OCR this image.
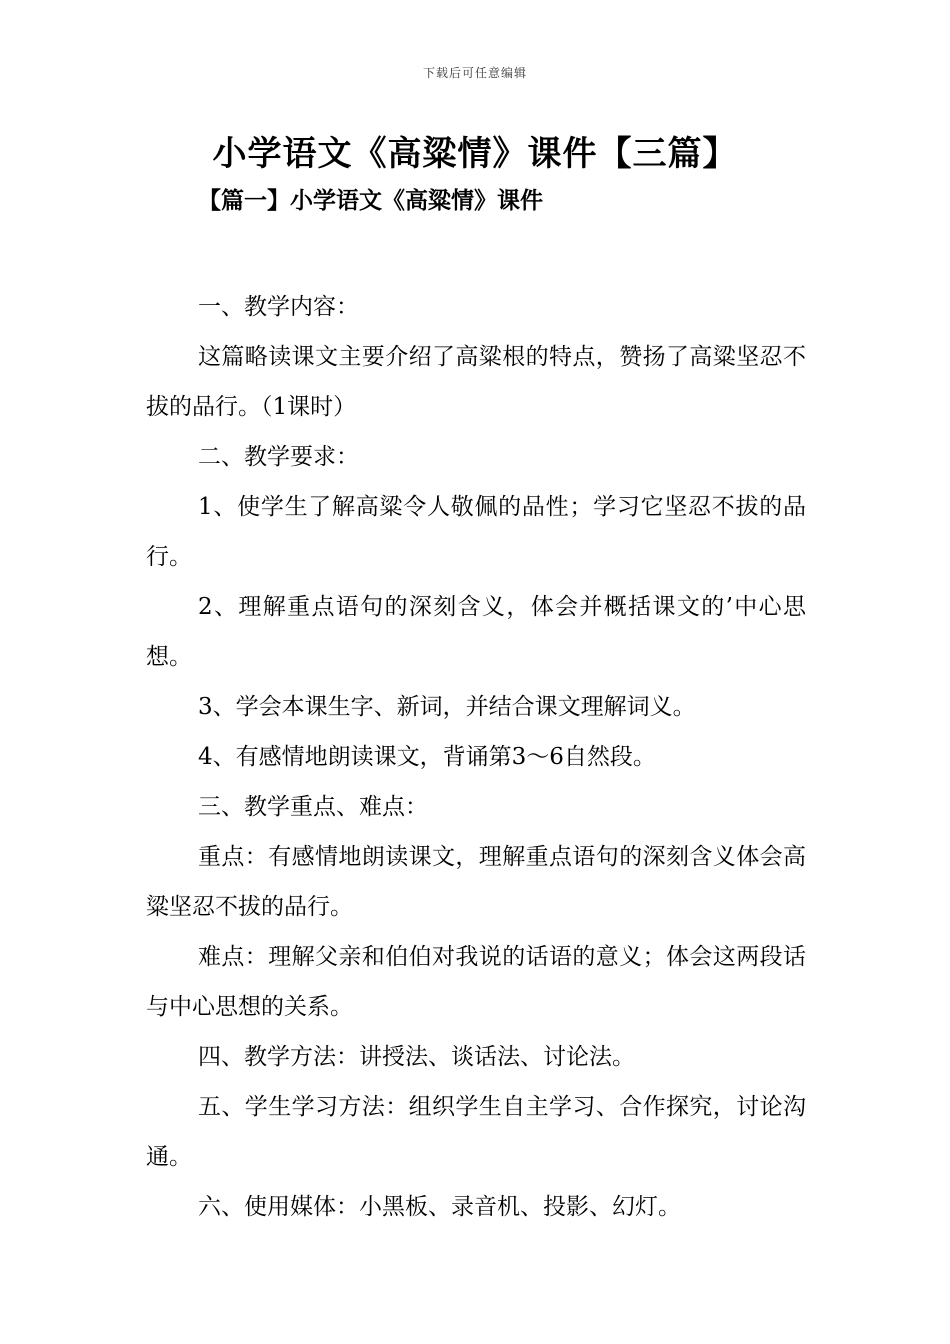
下载后可任意编辑
小学语文《高粱情》课件【三篇】
【篇一】小学语文《高粱情》课件

一、教学内容：

这篇略读课文主要介绍了高粱根的特点，赞扬了高粱坚忍不拔的品行。（1课时）

二、教学要求：

1、使学生了解高粱令人敬佩的品性；学习它坚忍不拔的品行。

2、理解重点语句的深刻含义，体会并概括课文的’中心思想。

3、学会本课生字、新词，并结合课文理解词义。

4、有感情地朗读课文，背诵第3～6自然段。

三、教学重点、难点：

重点：有感情地朗读课文，理解重点语句的深刻含义体会高粱坚忍不拔的品行。

难点：理解父亲和伯伯对我说的话语的意义；体会这两段话与中心思想的关系。

四、教学方法：讲授法、谈话法、讨论法。

五、学生学习方法：组织学生自主学习、合作探究，讨论沟通。

六、使用媒体：小黑板、录音机、投影、幻灯。
